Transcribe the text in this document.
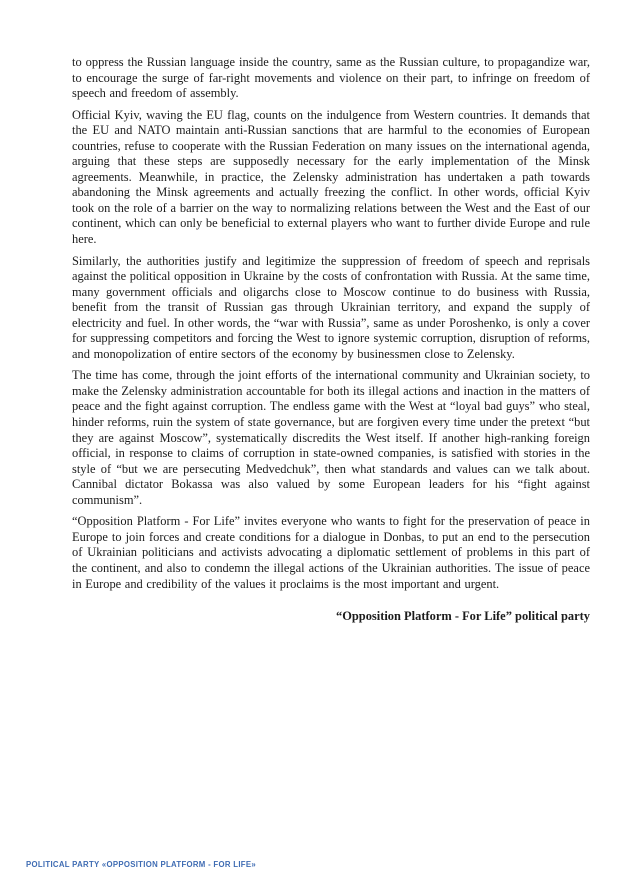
to oppress the Russian language inside the country, same as the Russian culture, to propagandize war, to encourage the surge of far-right movements and violence on their part, to infringe on freedom of speech and freedom of assembly.

Official Kyiv, waving the EU flag, counts on the indulgence from Western countries. It demands that the EU and NATO maintain anti-Russian sanctions that are harmful to the economies of European countries, refuse to cooperate with the Russian Federation on many issues on the international agenda, arguing that these steps are supposedly necessary for the early implementation of the Minsk agreements. Meanwhile, in practice, the Zelensky administration has undertaken a path towards abandoning the Minsk agreements and actually freezing the conflict. In other words, official Kyiv took on the role of a barrier on the way to normalizing relations between the West and the East of our continent, which can only be beneficial to external players who want to further divide Europe and rule here.

Similarly, the authorities justify and legitimize the suppression of freedom of speech and reprisals against the political opposition in Ukraine by the costs of confrontation with Russia. At the same time, many government officials and oligarchs close to Moscow continue to do business with Russia, benefit from the transit of Russian gas through Ukrainian territory, and expand the supply of electricity and fuel. In other words, the “war with Russia”, same as under Poroshenko, is only a cover for suppressing competitors and forcing the West to ignore systemic corruption, disruption of reforms, and monopolization of entire sectors of the economy by businessmen close to Zelensky.

The time has come, through the joint efforts of the international community and Ukrainian society, to make the Zelensky administration accountable for both its illegal actions and inaction in the matters of peace and the fight against corruption. The endless game with the West at “loyal bad guys” who steal, hinder reforms, ruin the system of state governance, but are forgiven every time under the pretext “but they are against Moscow”, systematically discredits the West itself. If another high-ranking foreign official, in response to claims of corruption in state-owned companies, is satisfied with stories in the style of “but we are persecuting Medvedchuk”, then what standards and values can we talk about. Cannibal dictator Bokassa was also valued by some European leaders for his “fight against communism”.

“Opposition Platform - For Life” invites everyone who wants to fight for the preservation of peace in Europe to join forces and create conditions for a dialogue in Donbas, to put an end to the persecution of Ukrainian politicians and activists advocating a diplomatic settlement of problems in this part of the continent, and also to condemn the illegal actions of the Ukrainian authorities. The issue of peace in Europe and credibility of the values it proclaims is the most important and urgent.

“Opposition Platform - For Life” political party

POLITICAL PARTY «OPPOSITION PLATFORM - FOR LIFE»
